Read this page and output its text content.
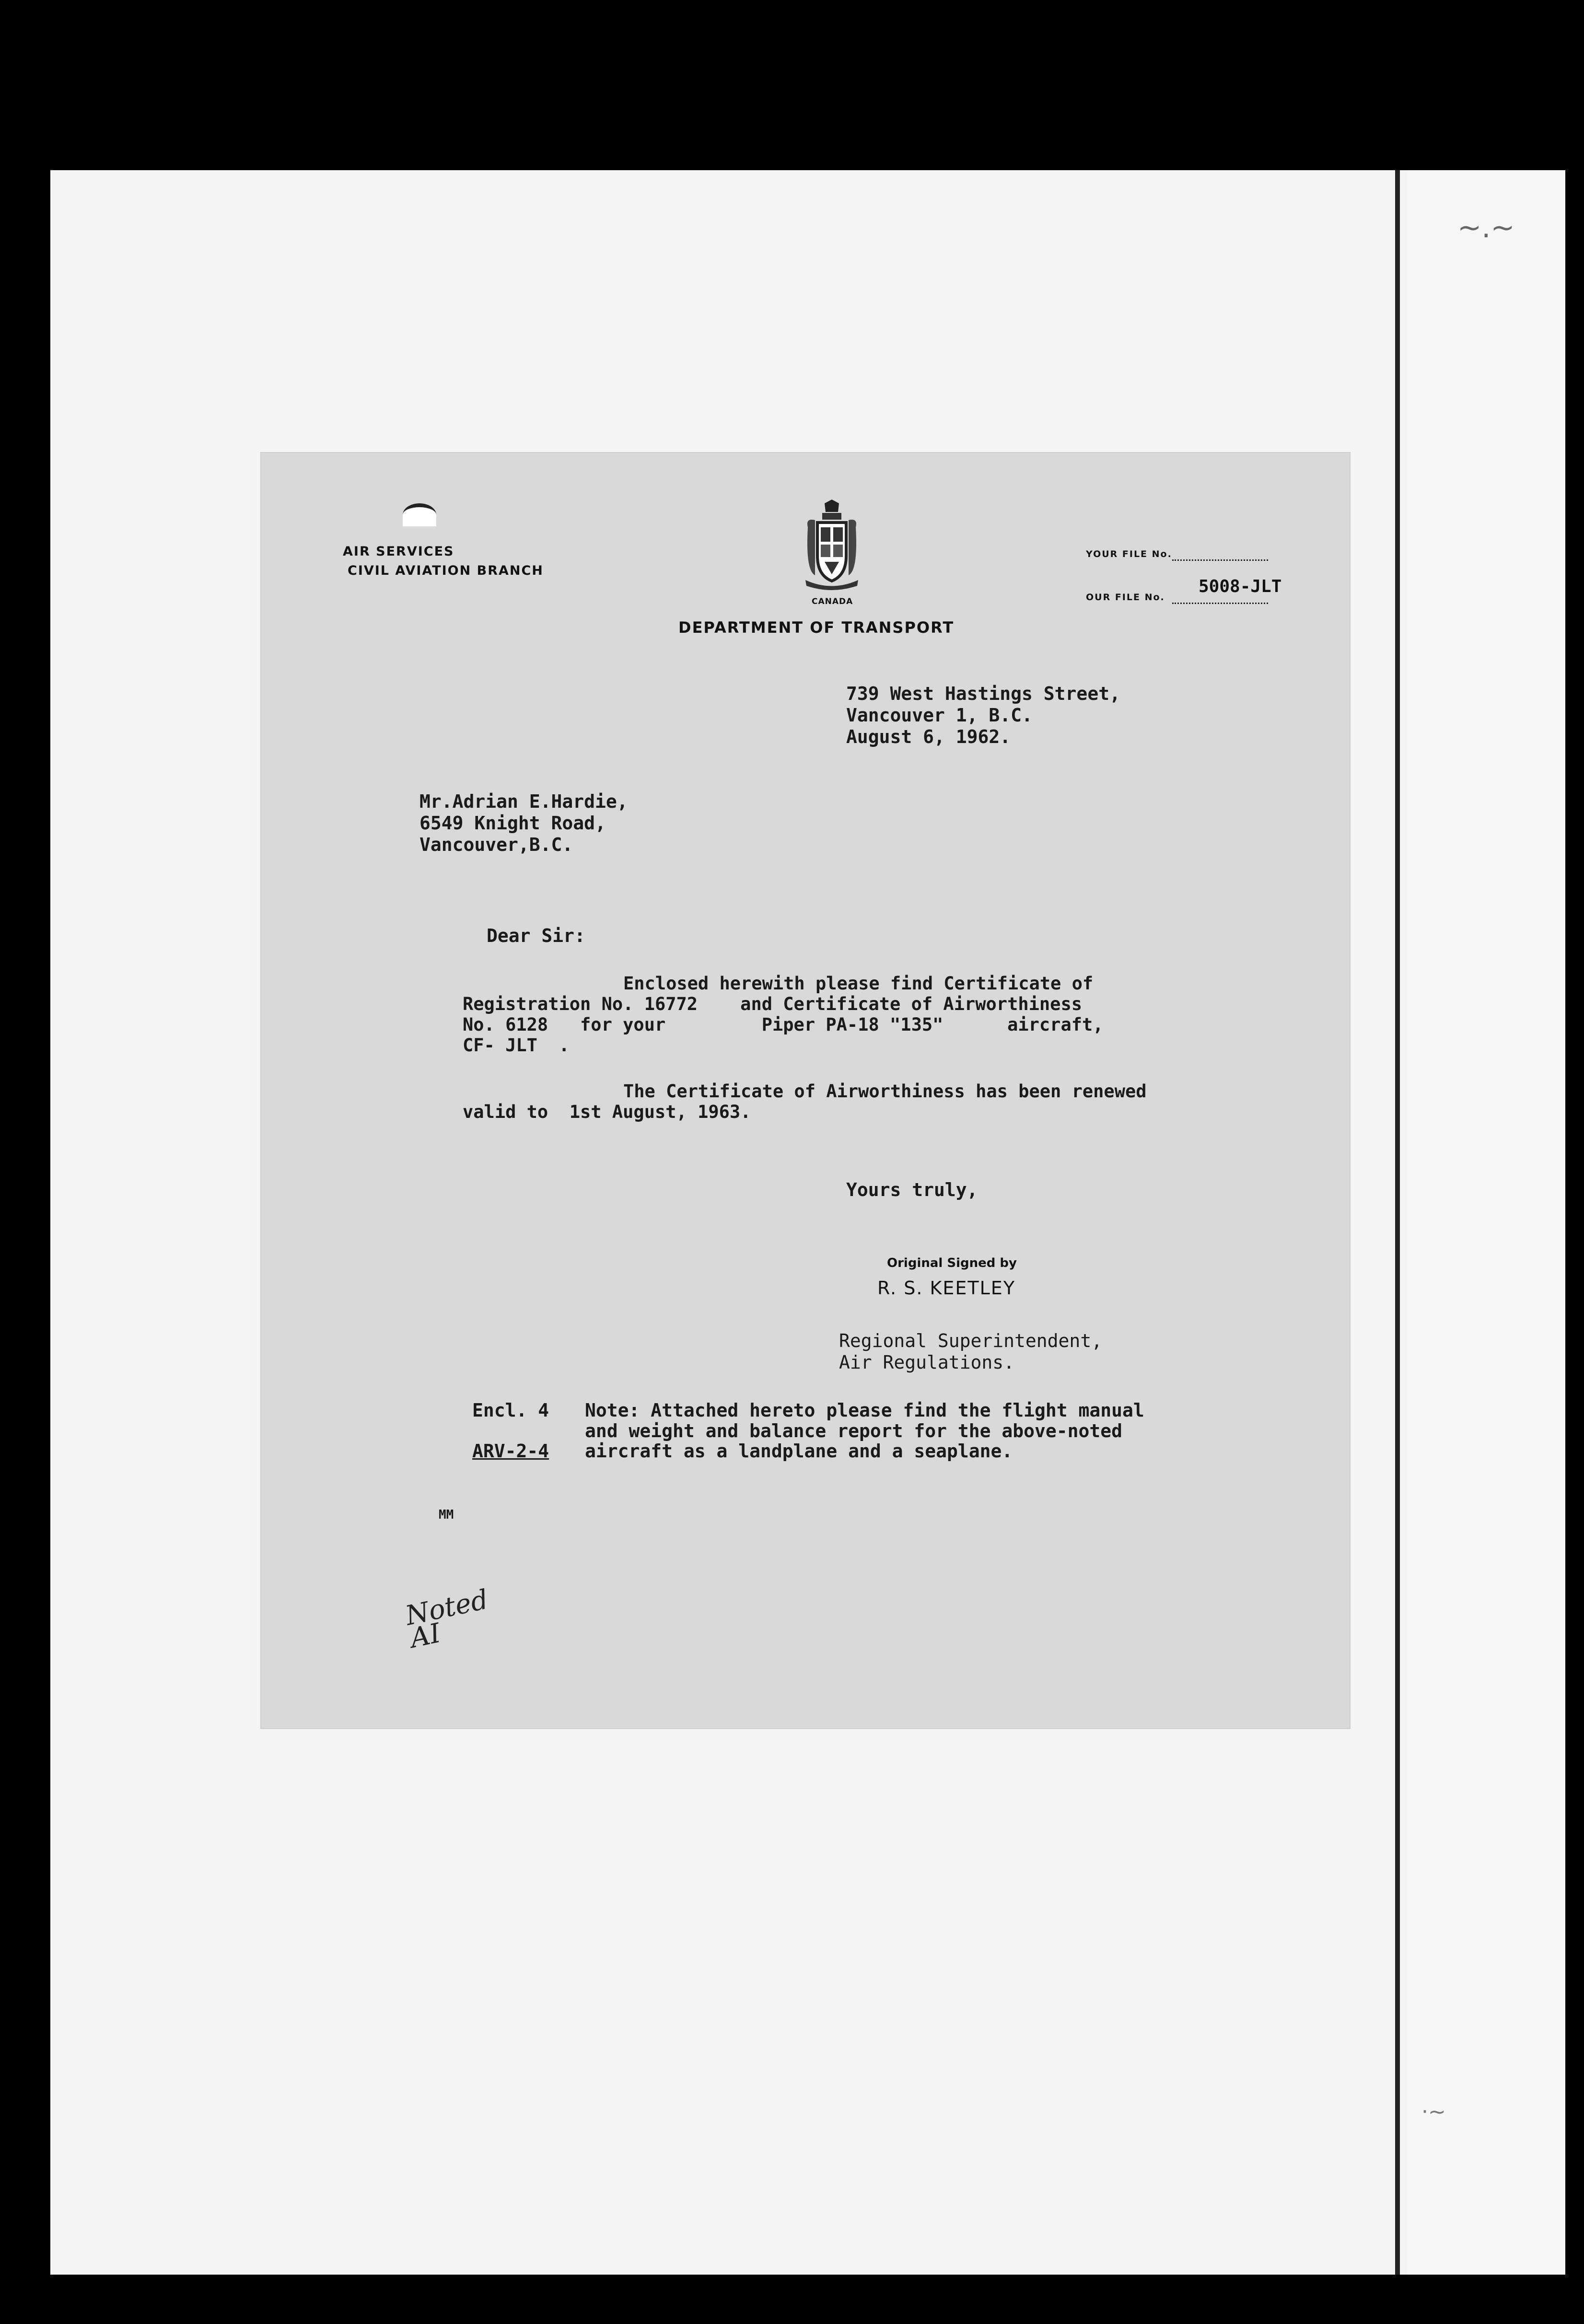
~.~
·~
AIR SERVICES
CIVIL AVIATION BRANCH
CANADA
YOUR FILE No.
5008-JLT
OUR FILE No.
DEPARTMENT OF TRANSPORT
739 West Hastings Street,
Vancouver 1, B.C.
August 6, 1962.
Mr.Adrian E.Hardie,
6549 Knight Road,
Vancouver,B.C.
Dear Sir:
Enclosed herewith please find Certificate of
Registration No. 16772    and Certificate of Airworthiness
No. 6128   for your         Piper PA-18 "135"      aircraft,
CF- JLT  .
The Certificate of Airworthiness has been renewed
valid to  1st August, 1963.
Yours truly,
Original Signed by
R. S. KEETLEY
Regional Superintendent,
Air Regulations.
Encl. 4
ARV-2-4
Note: Attached hereto please find the flight manual
and weight and balance report for the above-noted
aircraft as a landplane and a seaplane.
MM
Noted
AI
